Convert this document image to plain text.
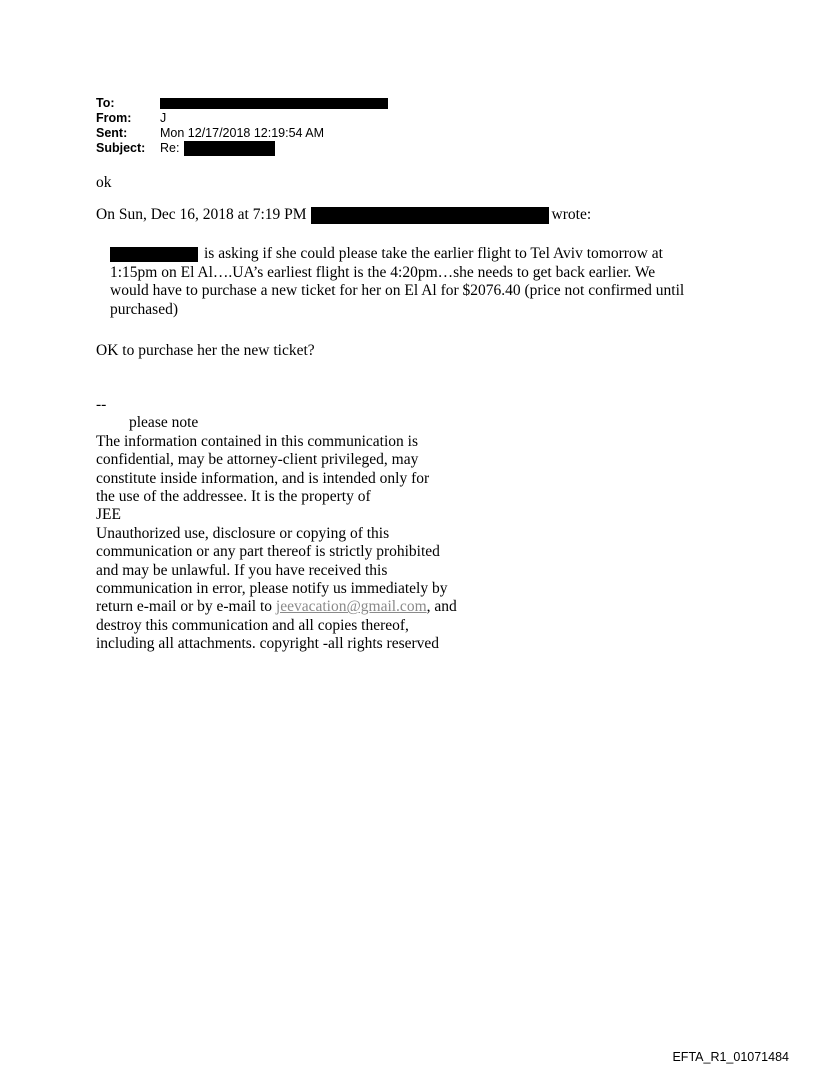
To:
From:	J
Sent:	Mon 12/17/2018 12:19:54 AM
Subject:	Re:
ok
On Sun, Dec 16, 2018 at 7:19 PM	wrote:
is asking if she could please take the earlier flight to Tel Aviv tomorrow at
1:15pm on El Al….UA’s earliest flight is the 4:20pm…she needs to get back earlier. We
would have to purchase a new ticket for her on El Al for $2076.40 (price not confirmed until
purchased)
OK to purchase her the new ticket?
--
please note
The information contained in this communication is
confidential, may be attorney-client privileged, may
constitute inside information, and is intended only for
the use of the addressee. It is the property of
JEE
Unauthorized use, disclosure or copying of this
communication or any part thereof is strictly prohibited
and may be unlawful. If you have received this
communication in error, please notify us immediately by
return e-mail or by e-mail to jeevacation@gmail.com, and
destroy this communication and all copies thereof,
including all attachments. copyright -all rights reserved
EFTA_R1_01071484
